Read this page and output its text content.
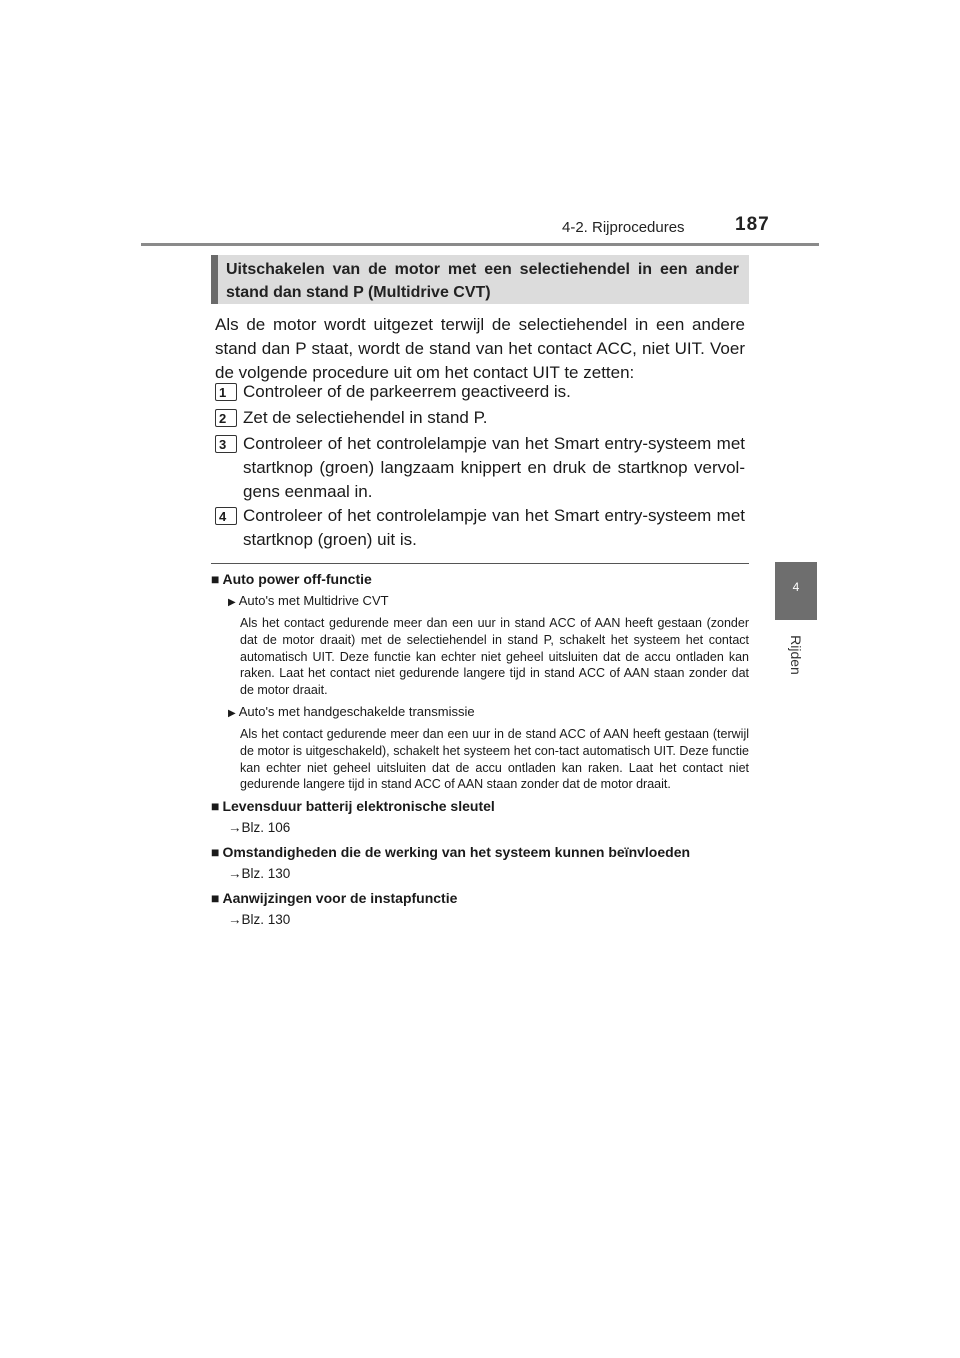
4-2. Rijprocedures	187
4
Rijden
Uitschakelen van de motor met een selectiehendel in een ander stand dan stand P (Multidrive CVT)

Als de motor wordt uitgezet terwijl de selectiehendel in een andere stand dan P staat, wordt de stand van het contact ACC, niet UIT. Voer de volgende procedure uit om het contact UIT te zetten:

1 Controleer of de parkeerrem geactiveerd is.
2 Zet de selectiehendel in stand P.
3 Controleer of het controlelampje van het Smart entry-systeem met startknop (groen) langzaam knippert en druk de startknop vervol-gens eenmaal in.
4 Controleer of het controlelampje van het Smart entry-systeem met startknop (groen) uit is.

■ Auto power off-functie

▶ Auto's met Multidrive CVT

Als het contact gedurende meer dan een uur in stand ACC of AAN heeft gestaan (zonder dat de motor draait) met de selectiehendel in stand P, schakelt het systeem het contact automatisch UIT. Deze functie kan echter niet geheel uitsluiten dat de accu ontladen kan raken. Laat het contact niet gedurende langere tijd in stand ACC of AAN staan zonder dat de motor draait.

▶ Auto's met handgeschakelde transmissie

Als het contact gedurende meer dan een uur in de stand ACC of AAN heeft gestaan (terwijl de motor is uitgeschakeld), schakelt het systeem het con-tact automatisch UIT. Deze functie kan echter niet geheel uitsluiten dat de accu ontladen kan raken. Laat het contact niet gedurende langere tijd in stand ACC of AAN staan zonder dat de motor draait.

■ Levensduur batterij elektronische sleutel

→Blz. 106

■ Omstandigheden die de werking van het systeem kunnen beïnvloeden

→Blz. 130

■ Aanwijzingen voor de instapfunctie

→Blz. 130
